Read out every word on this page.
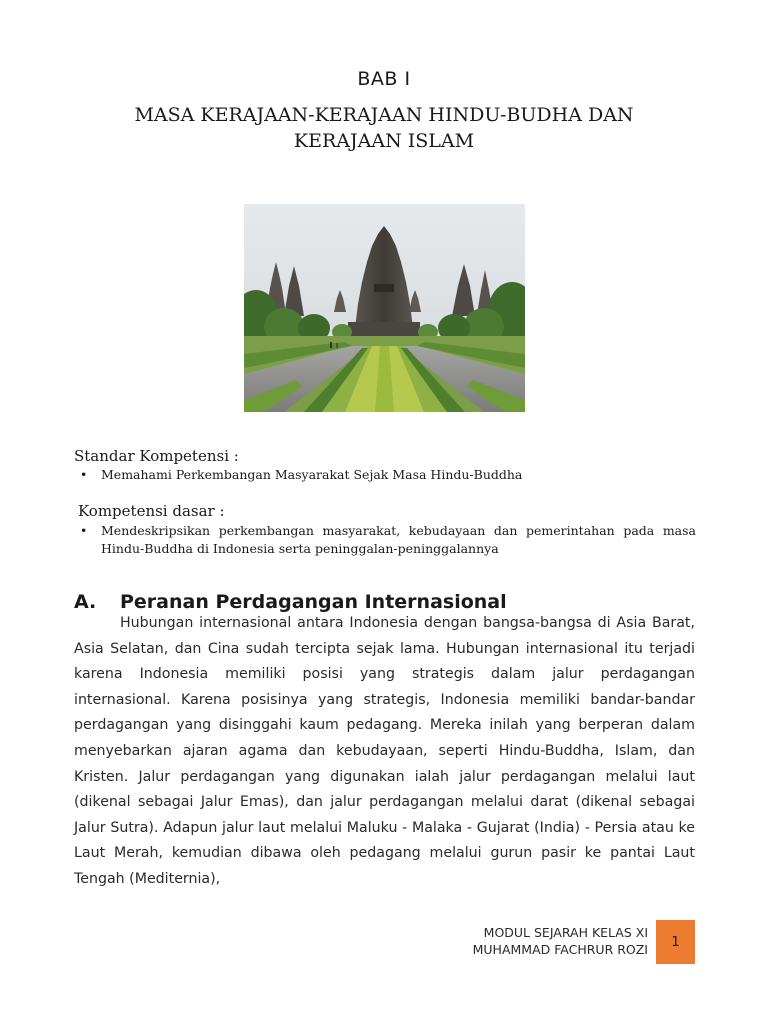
BAB I
MASA KERAJAAN-KERAJAAN HINDU-BUDHA DAN KERAJAAN ISLAM
Standar Kompetensi :
•	Memahami Perkembangan Masyarakat Sejak Masa Hindu-Buddha
Kompetensi dasar :
•	Mendeskripsikan perkembangan masyarakat, kebudayaan dan pemerintahan pada masa Hindu-Buddha di Indonesia serta peninggalan-peninggalannya
A. Peranan Perdagangan Internasional
Hubungan internasional antara Indonesia dengan bangsa-bangsa di Asia Barat, Asia Selatan, dan Cina sudah tercipta sejak lama. Hubungan internasional itu terjadi karena Indonesia memiliki posisi yang strategis dalam jalur perdagangan internasional. Karena posisinya yang strategis, Indonesia memiliki bandar-bandar perdagangan yang disinggahi kaum pedagang. Mereka inilah yang berperan dalam menyebarkan ajaran agama dan kebudayaan, seperti Hindu-Buddha, Islam, dan Kristen. Jalur perdagangan yang digunakan ialah jalur perdagangan melalui laut (dikenal sebagai Jalur Emas), dan jalur perdagangan melalui darat (dikenal sebagai Jalur Sutra). Adapun jalur laut melalui Maluku - Malaka - Gujarat (India) - Persia atau ke Laut Merah, kemudian dibawa oleh pedagang melalui gurun pasir ke pantai Laut Tengah (Mediternia),
MODUL SEJARAH KELAS XI
MUHAMMAD FACHRUR ROZI	1
